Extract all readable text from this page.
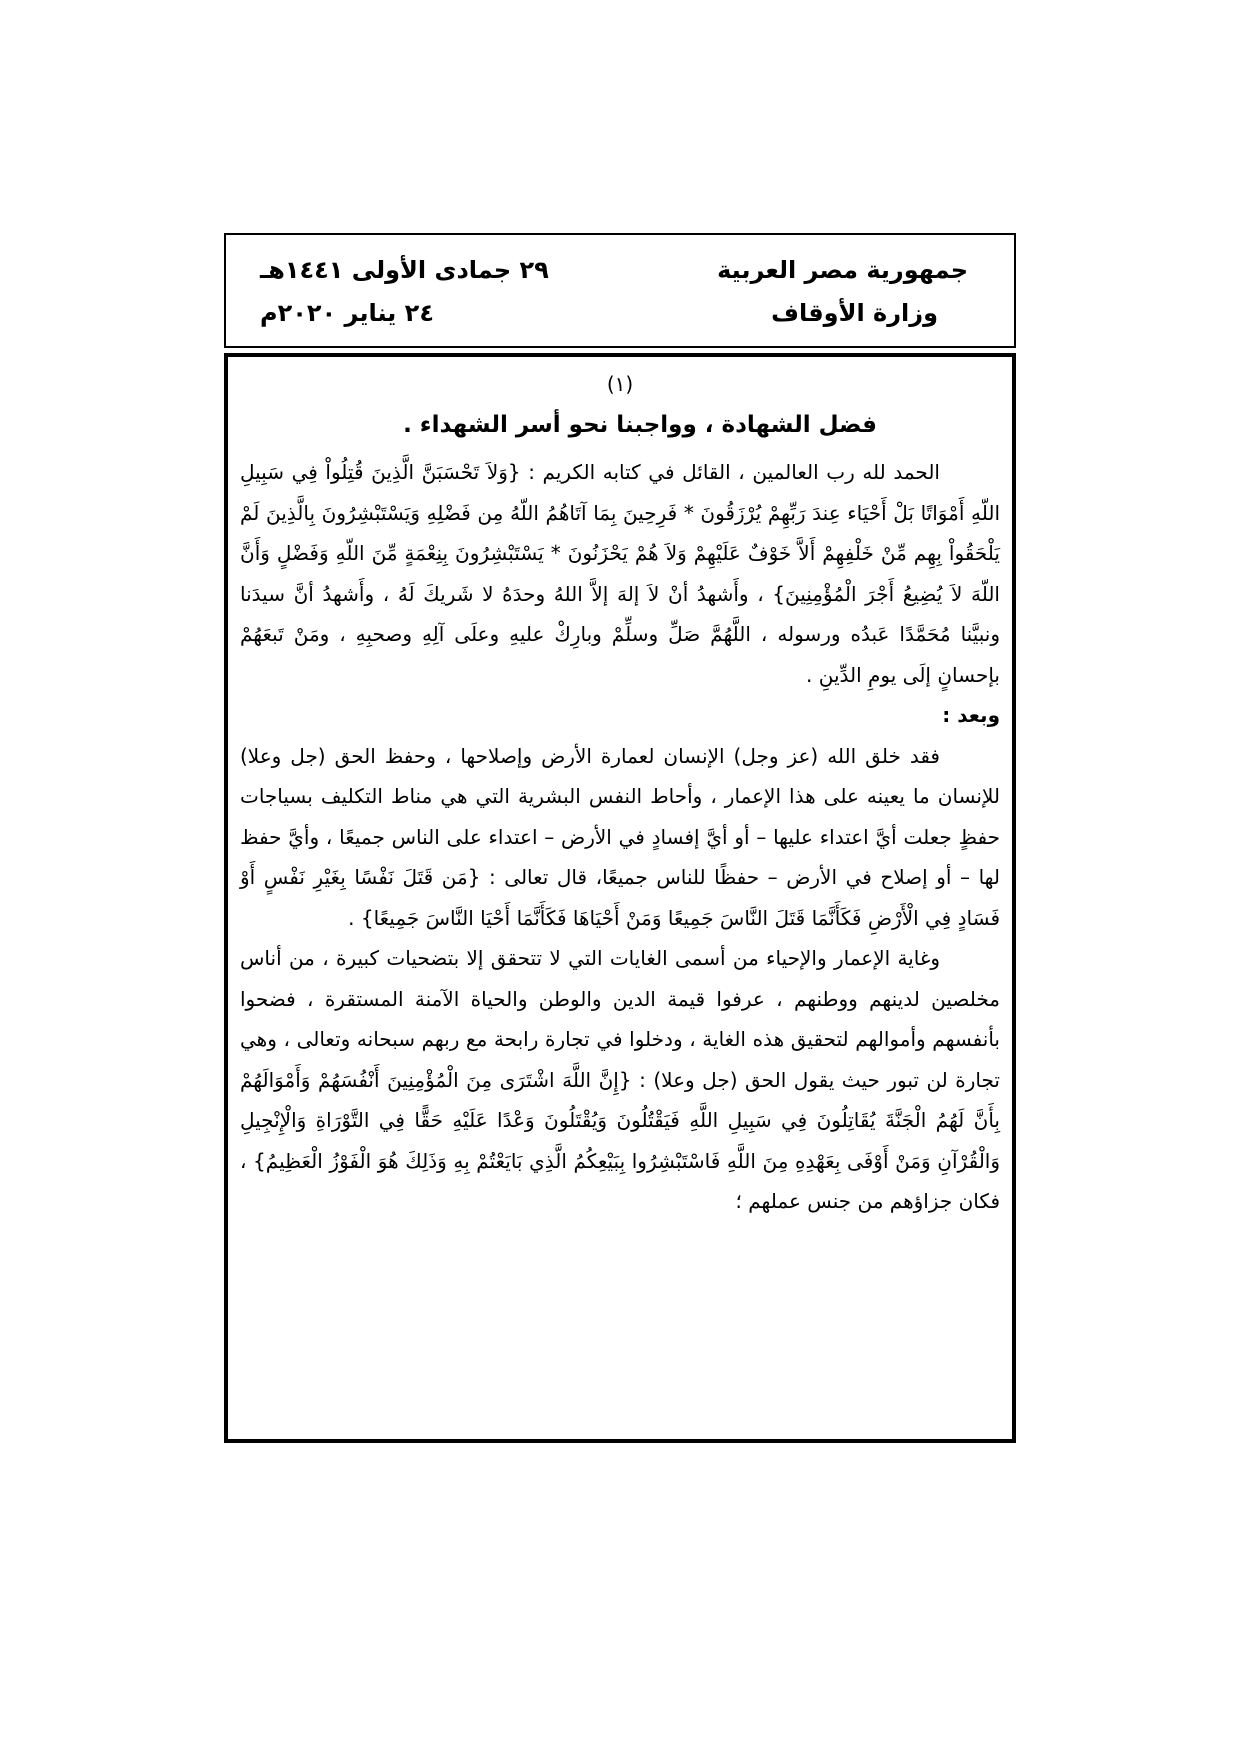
جمهورية مصر العربية
وزارة الأوقاف
٢٩ جمادى الأولى ١٤٤١هـ
٢٤ يناير ٢٠٢٠م
(١)
فضل الشهادة ، وواجبنا نحو أسر الشهداء .

الحمد لله رب العالمين ، القائل في كتابه الكريم : {وَلاَ تَحْسَبَنَّ الَّذِينَ قُتِلُواْ فِي سَبِيلِ اللّهِ أَمْوَاتًا بَلْ أَحْيَاء عِندَ رَبِّهِمْ يُرْزَقُونَ * فَرِحِينَ بِمَا آتَاهُمُ اللّهُ مِن فَضْلِهِ وَيَسْتَبْشِرُونَ بِالَّذِينَ لَمْ يَلْحَقُواْ بِهِم مِّنْ خَلْفِهِمْ أَلاَّ خَوْفٌ عَلَيْهِمْ وَلاَ هُمْ يَحْزَنُونَ * يَسْتَبْشِرُونَ بِنِعْمَةٍ مِّنَ اللّهِ وَفَضْلٍ وَأَنَّ اللّهَ لاَ يُضِيعُ أَجْرَ الْمُؤْمِنِينَ} ، وأَشهدُ أنْ لاَ إلهَ إلاَّ اللهُ وحدَهُ لا شَريكَ لَهُ ، وأَشهدُ أنَّ سيدَنا ونبيَّنا مُحَمَّدًا عَبدُه ورسوله ، اللَّهُمَّ صَلِّ وسلِّمْ وبارِكْ عليهِ وعلَى آلِهِ وصحبِهِ ، ومَنْ تَبعَهُمْ بإحسانٍ إلَى يومِ الدِّينِ .

وبعد :

فقد خلق الله (عز وجل) الإنسان لعمارة الأرض وإصلاحها ، وحفظ الحق (جل وعلا) للإنسان ما يعينه على هذا الإعمار ، وأحاط النفس البشرية التي هي مناط التكليف بسياجات حفظٍ جعلت أيَّ اعتداء عليها – أو أيَّ إفسادٍ في الأرض – اعتداء على الناس جميعًا ، وأيَّ حفظ لها – أو إصلاح في الأرض – حفظًا للناس جميعًا، قال تعالى : {مَن قَتَلَ نَفْسًا بِغَيْرِ نَفْسٍ أَوْ فَسَادٍ فِي الْأَرْضِ فَكَأَنَّمَا قَتَلَ النَّاسَ جَمِيعًا وَمَنْ أَحْيَاهَا فَكَأَنَّمَا أَحْيَا النَّاسَ جَمِيعًا} .

وغاية الإعمار والإحياء من أسمى الغايات التي لا تتحقق إلا بتضحيات كبيرة ، من أناس مخلصين لدينهم ووطنهم ، عرفوا قيمة الدين والوطن والحياة الآمنة المستقرة ، فضحوا بأنفسهم وأموالهم لتحقيق هذه الغاية ، ودخلوا في تجارة رابحة مع ربهم سبحانه وتعالى ، وهي تجارة لن تبور حيث يقول الحق (جل وعلا) : {إِنَّ اللَّهَ اشْتَرَى مِنَ الْمُؤْمِنِينَ أَنْفُسَهُمْ وَأَمْوَالَهُمْ بِأَنَّ لَهُمُ الْجَنَّةَ يُقَاتِلُونَ فِي سَبِيلِ اللَّهِ فَيَقْتُلُونَ وَيُقْتَلُونَ وَعْدًا عَلَيْهِ حَقًّا فِي التَّوْرَاةِ وَالْإِنْجِيلِ وَالْقُرْآنِ وَمَنْ أَوْفَى بِعَهْدِهِ مِنَ اللَّهِ فَاسْتَبْشِرُوا بِبَيْعِكُمُ الَّذِي بَايَعْتُمْ بِهِ وَذَلِكَ هُوَ الْفَوْزُ الْعَظِيمُ} ، فكان جزاؤهم من جنس عملهم ؛
